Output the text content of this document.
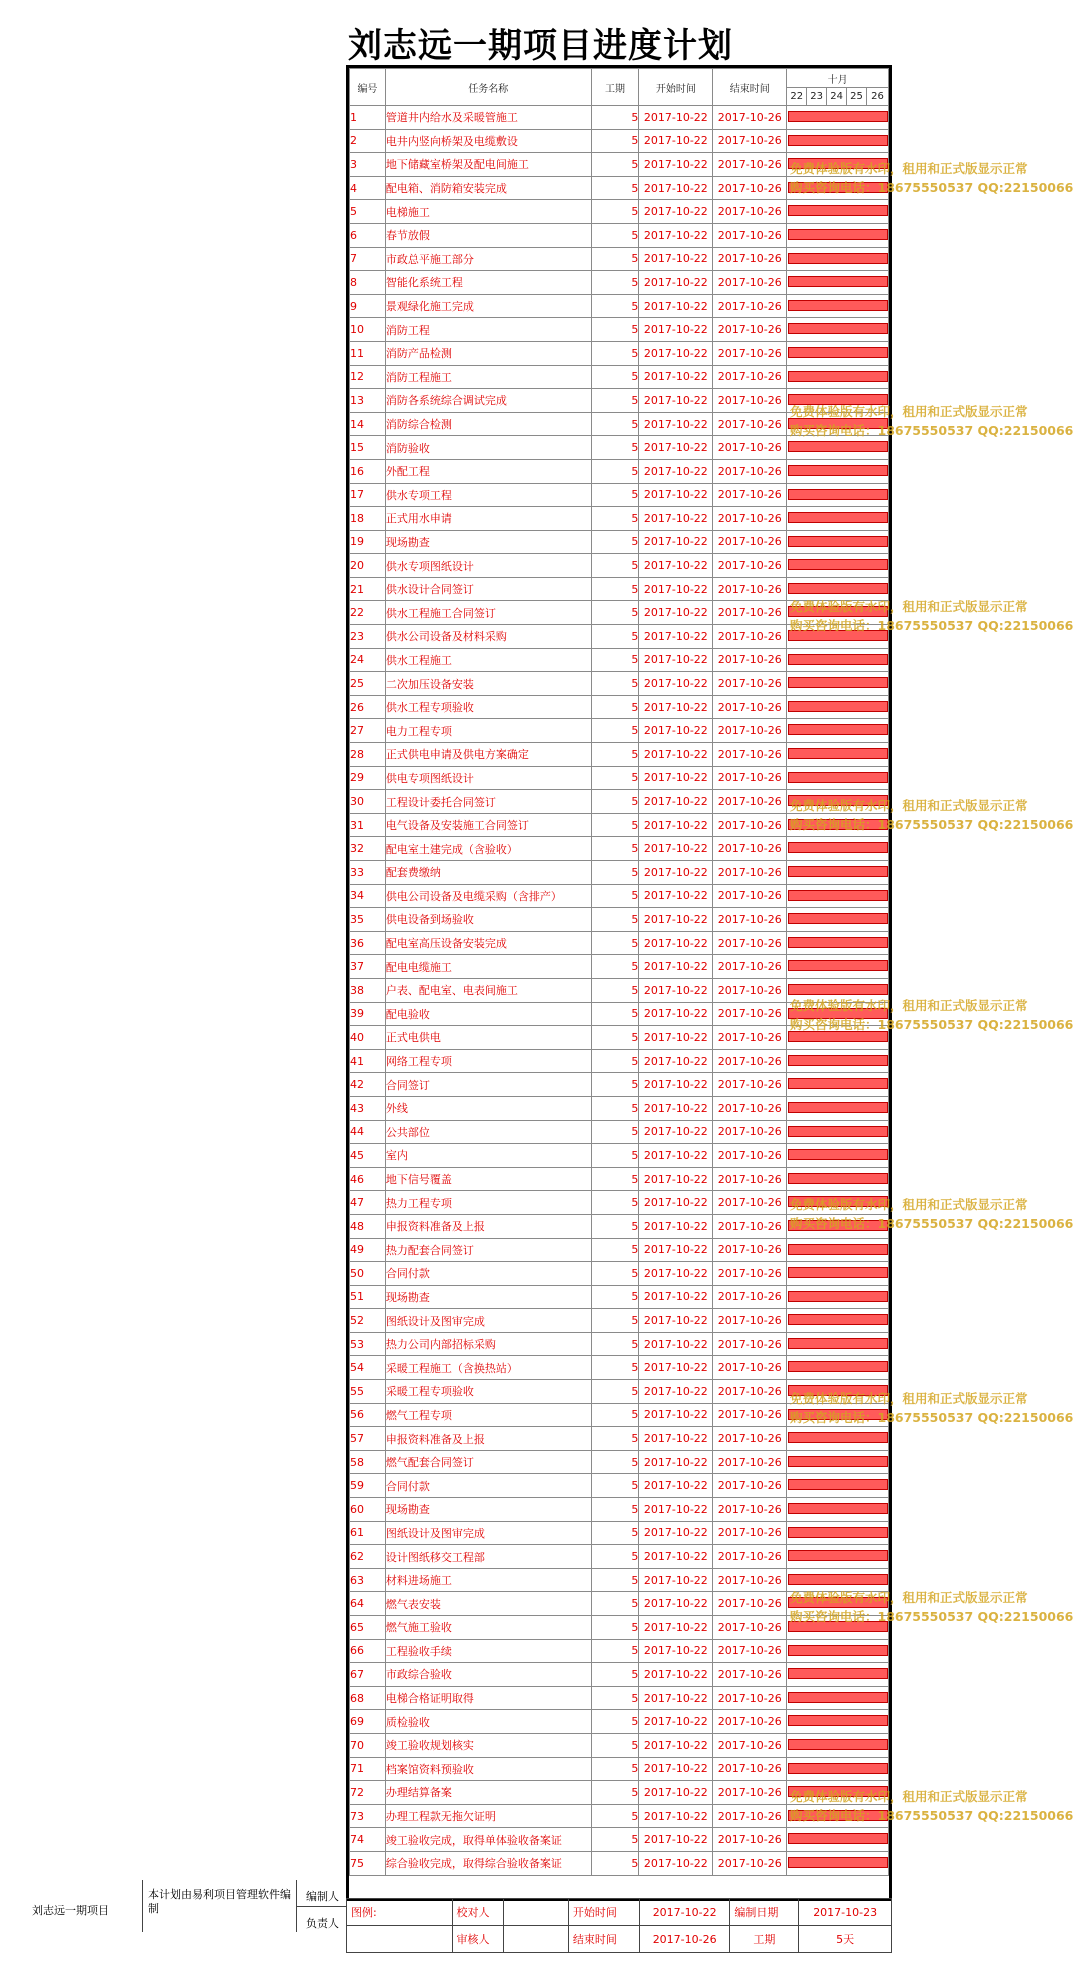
刘志远一期项目进度计划
编号	任务名称	工期	开始时间	结束时间	十月				
					22	23	24	25	26
1	管道井内给水及采暖管施工	5	2017-10-22	2017-10-26					

2	电井内竖向桥架及电缆敷设	5	2017-10-22	2017-10-26					

3	地下储藏室桥架及配电间施工	5	2017-10-22	2017-10-26					

4	配电箱、消防箱安装完成	5	2017-10-22	2017-10-26					

5	电梯施工	5	2017-10-22	2017-10-26					

6	春节放假	5	2017-10-22	2017-10-26					

7	市政总平施工部分	5	2017-10-22	2017-10-26					

8	智能化系统工程	5	2017-10-22	2017-10-26					

9	景观绿化施工完成	5	2017-10-22	2017-10-26					

10	消防工程	5	2017-10-22	2017-10-26					

11	消防产品检测	5	2017-10-22	2017-10-26					

12	消防工程施工	5	2017-10-22	2017-10-26					

13	消防各系统综合调试完成	5	2017-10-22	2017-10-26					

14	消防综合检测	5	2017-10-22	2017-10-26					

15	消防验收	5	2017-10-22	2017-10-26					

16	外配工程	5	2017-10-22	2017-10-26					

17	供水专项工程	5	2017-10-22	2017-10-26					

18	正式用水申请	5	2017-10-22	2017-10-26					

19	现场勘查	5	2017-10-22	2017-10-26					

20	供水专项图纸设计	5	2017-10-22	2017-10-26					

21	供水设计合同签订	5	2017-10-22	2017-10-26					

22	供水工程施工合同签订	5	2017-10-22	2017-10-26					

23	供水公司设备及材料采购	5	2017-10-22	2017-10-26					

24	供水工程施工	5	2017-10-22	2017-10-26					

25	二次加压设备安装	5	2017-10-22	2017-10-26					

26	供水工程专项验收	5	2017-10-22	2017-10-26					

27	电力工程专项	5	2017-10-22	2017-10-26					

28	正式供电申请及供电方案确定	5	2017-10-22	2017-10-26					

29	供电专项图纸设计	5	2017-10-22	2017-10-26					

30	工程设计委托合同签订	5	2017-10-22	2017-10-26					

31	电气设备及安装施工合同签订	5	2017-10-22	2017-10-26					

32	配电室土建完成（含验收）	5	2017-10-22	2017-10-26					

33	配套费缴纳	5	2017-10-22	2017-10-26					

34	供电公司设备及电缆采购（含排产）	5	2017-10-22	2017-10-26					

35	供电设备到场验收	5	2017-10-22	2017-10-26					

36	配电室高压设备安装完成	5	2017-10-22	2017-10-26					

37	配电电缆施工	5	2017-10-22	2017-10-26					

38	户表、配电室、电表间施工	5	2017-10-22	2017-10-26					

39	配电验收	5	2017-10-22	2017-10-26					

40	正式电供电	5	2017-10-22	2017-10-26					

41	网络工程专项	5	2017-10-22	2017-10-26					

42	合同签订	5	2017-10-22	2017-10-26					

43	外线	5	2017-10-22	2017-10-26					

44	公共部位	5	2017-10-22	2017-10-26					

45	室内	5	2017-10-22	2017-10-26					

46	地下信号覆盖	5	2017-10-22	2017-10-26					

47	热力工程专项	5	2017-10-22	2017-10-26					

48	申报资料准备及上报	5	2017-10-22	2017-10-26					

49	热力配套合同签订	5	2017-10-22	2017-10-26					

50	合同付款	5	2017-10-22	2017-10-26					

51	现场勘查	5	2017-10-22	2017-10-26					

52	图纸设计及图审完成	5	2017-10-22	2017-10-26					

53	热力公司内部招标采购	5	2017-10-22	2017-10-26					

54	采暖工程施工（含换热站）	5	2017-10-22	2017-10-26					

55	采暖工程专项验收	5	2017-10-22	2017-10-26					

56	燃气工程专项	5	2017-10-22	2017-10-26					

57	申报资料准备及上报	5	2017-10-22	2017-10-26					

58	燃气配套合同签订	5	2017-10-22	2017-10-26					

59	合同付款	5	2017-10-22	2017-10-26					

60	现场勘查	5	2017-10-22	2017-10-26					

61	图纸设计及图审完成	5	2017-10-22	2017-10-26					

62	设计图纸移交工程部	5	2017-10-22	2017-10-26					

63	材料进场施工	5	2017-10-22	2017-10-26					

64	燃气表安装	5	2017-10-22	2017-10-26					

65	燃气施工验收	5	2017-10-22	2017-10-26					

66	工程验收手续	5	2017-10-22	2017-10-26					

67	市政综合验收	5	2017-10-22	2017-10-26					

68	电梯合格证明取得	5	2017-10-22	2017-10-26					

69	质检验收	5	2017-10-22	2017-10-26					

70	竣工验收规划核实	5	2017-10-22	2017-10-26					

71	档案馆资料预验收	5	2017-10-22	2017-10-26					

72	办理结算备案	5	2017-10-22	2017-10-26					

73	办理工程款无拖欠证明	5	2017-10-22	2017-10-26					

74	竣工验收完成，取得单体验收备案证	5	2017-10-22	2017-10-26					

75	综合验收完成，取得综合验收备案证	5	2017-10-22	2017-10-26					
免费体验版有水印，租用和正式版显示正常
购买咨询电话：18675550537 QQ:22150066
免费体验版有水印，租用和正式版显示正常
购买咨询电话：18675550537 QQ:22150066
免费体验版有水印，租用和正式版显示正常
购买咨询电话：18675550537 QQ:22150066
免费体验版有水印，租用和正式版显示正常
购买咨询电话：18675550537 QQ:22150066
免费体验版有水印，租用和正式版显示正常
购买咨询电话：18675550537 QQ:22150066
免费体验版有水印，租用和正式版显示正常
购买咨询电话：18675550537 QQ:22150066
免费体验版有水印，租用和正式版显示正常
购买咨询电话：18675550537 QQ:22150066
免费体验版有水印，租用和正式版显示正常
购买咨询电话：18675550537 QQ:22150066
免费体验版有水印，租用和正式版显示正常
购买咨询电话：18675550537 QQ:22150066
刘志远一期项目
本计划由易利项目管理软件编制
编制人
负责人
图例:	校对人		开始时间	2017-10-22	编制日期	2017-10-23
	审核人		结束时间	2017-10-26	工期	5天
